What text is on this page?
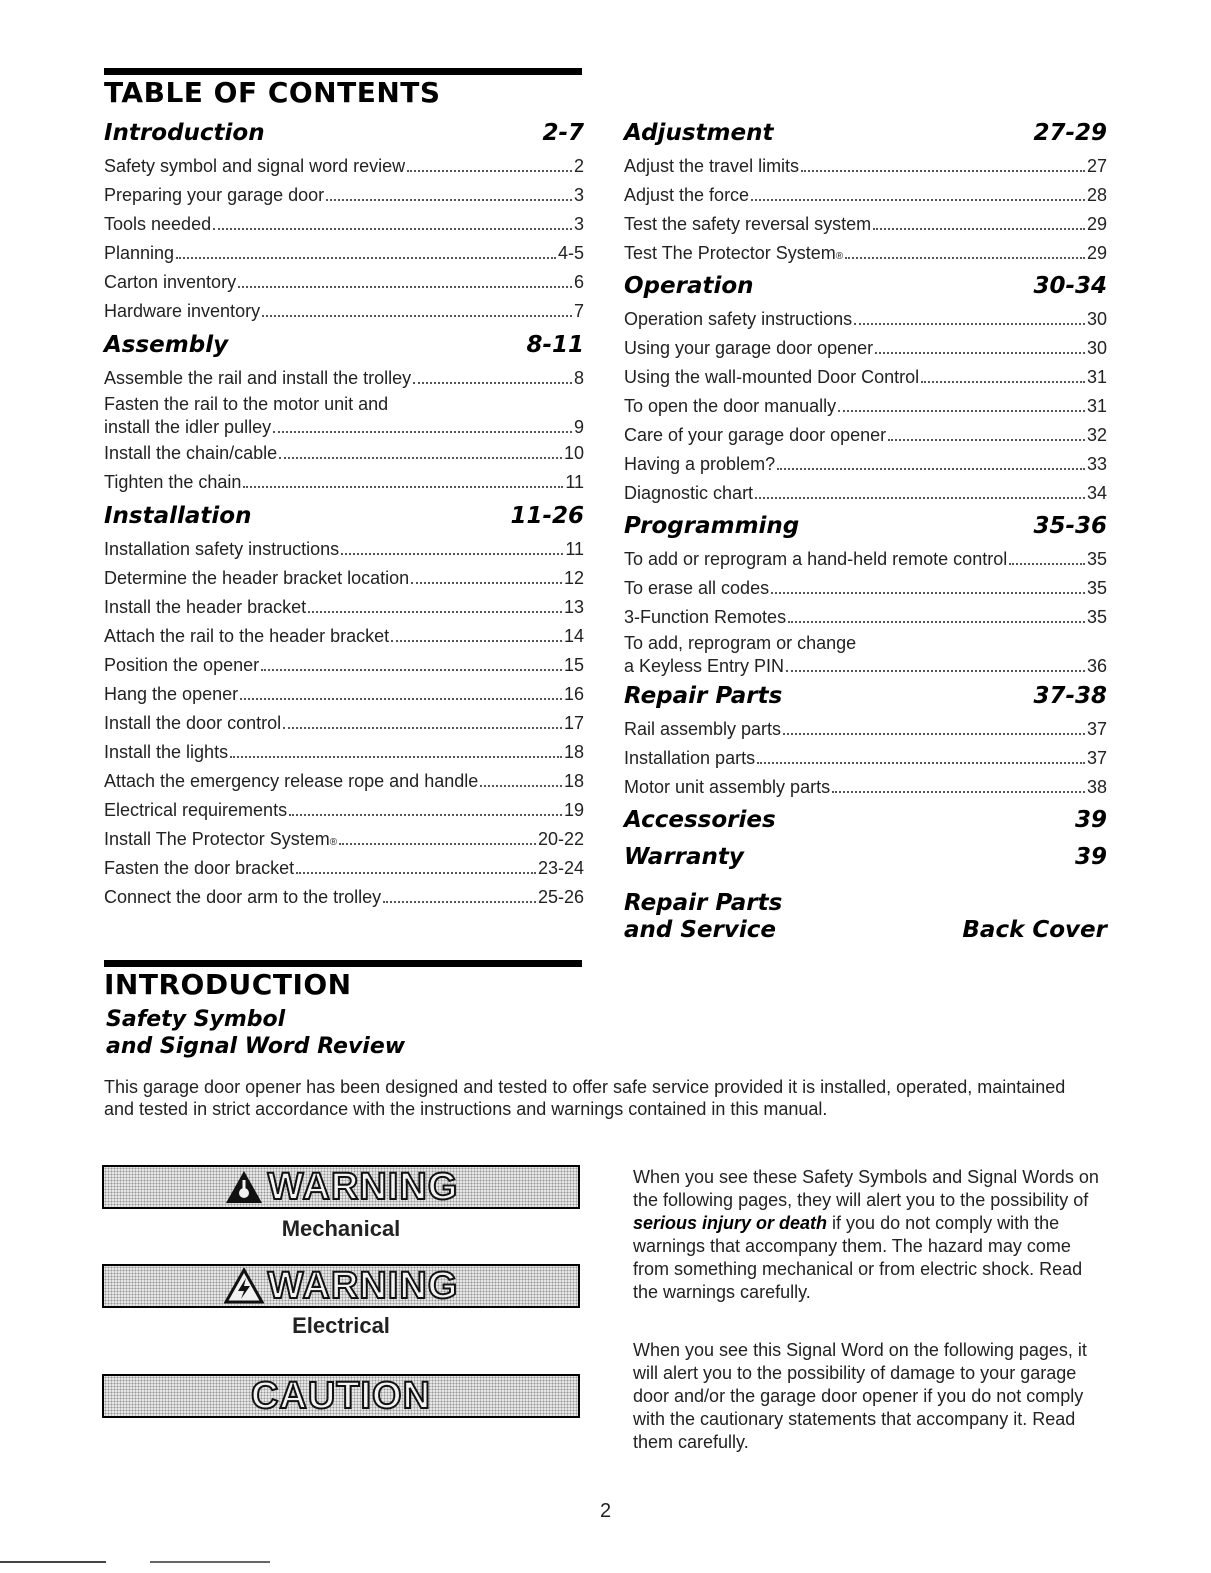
TABLE OF CONTENTS
Introduction	2-7
Safety symbol and signal word review	2
Preparing your garage door	3
Tools needed	3
Planning	4-5
Carton inventory	6
Hardware inventory	7
Assembly	8-11
Assemble the rail and install the trolley	8
Fasten the rail to the motor unit and
install the idler pulley	9
Install the chain/cable	10
Tighten the chain	11
Installation	11-26
Installation safety instructions	11
Determine the header bracket location	12
Install the header bracket	13
Attach the rail to the header bracket	14
Position the opener	15
Hang the opener	16
Install the door control	17
Install the lights	18
Attach the emergency release rope and handle	18
Electrical requirements	19
Install The Protector System ®	20-22
Fasten the door bracket	23-24
Connect the door arm to the trolley	25-26
Adjustment	27-29
Adjust the travel limits	27
Adjust the force	28
Test the safety reversal system	29
Test The Protector System ®	29
Operation	30-34
Operation safety instructions	30
Using your garage door opener	30
Using the wall-mounted Door Control	31
To open the door manually	31
Care of your garage door opener	32
Having a problem?	33
Diagnostic chart	34
Programming	35-36
To add or reprogram a hand-held remote control	35
To erase all codes	35
3-Function Remotes	35
To add, reprogram or change
a Keyless Entry PIN	36
Repair Parts	37-38
Rail assembly parts	37
Installation parts	37
Motor unit assembly parts	38
Accessories	39
Warranty	39
Repair Parts
and Service	Back Cover
INTRODUCTION
Safety Symbol
and Signal Word Review
This garage door opener has been designed and tested to offer safe service provided it is installed, operated, maintained and tested in strict accordance with the instructions and warnings contained in this manual.
WARNING
Mechanical
WARNING
Electrical
CAUTION
When you see these Safety Symbols and Signal Words on the following pages, they will alert you to the possibility of serious injury or death if you do not comply with the warnings that accompany them. The hazard may come from something mechanical or from electric shock. Read the warnings carefully.
When you see this Signal Word on the following pages, it will alert you to the possibility of damage to your garage door and/or the garage door opener if you do not comply with the cautionary statements that accompany it. Read them carefully.
2
